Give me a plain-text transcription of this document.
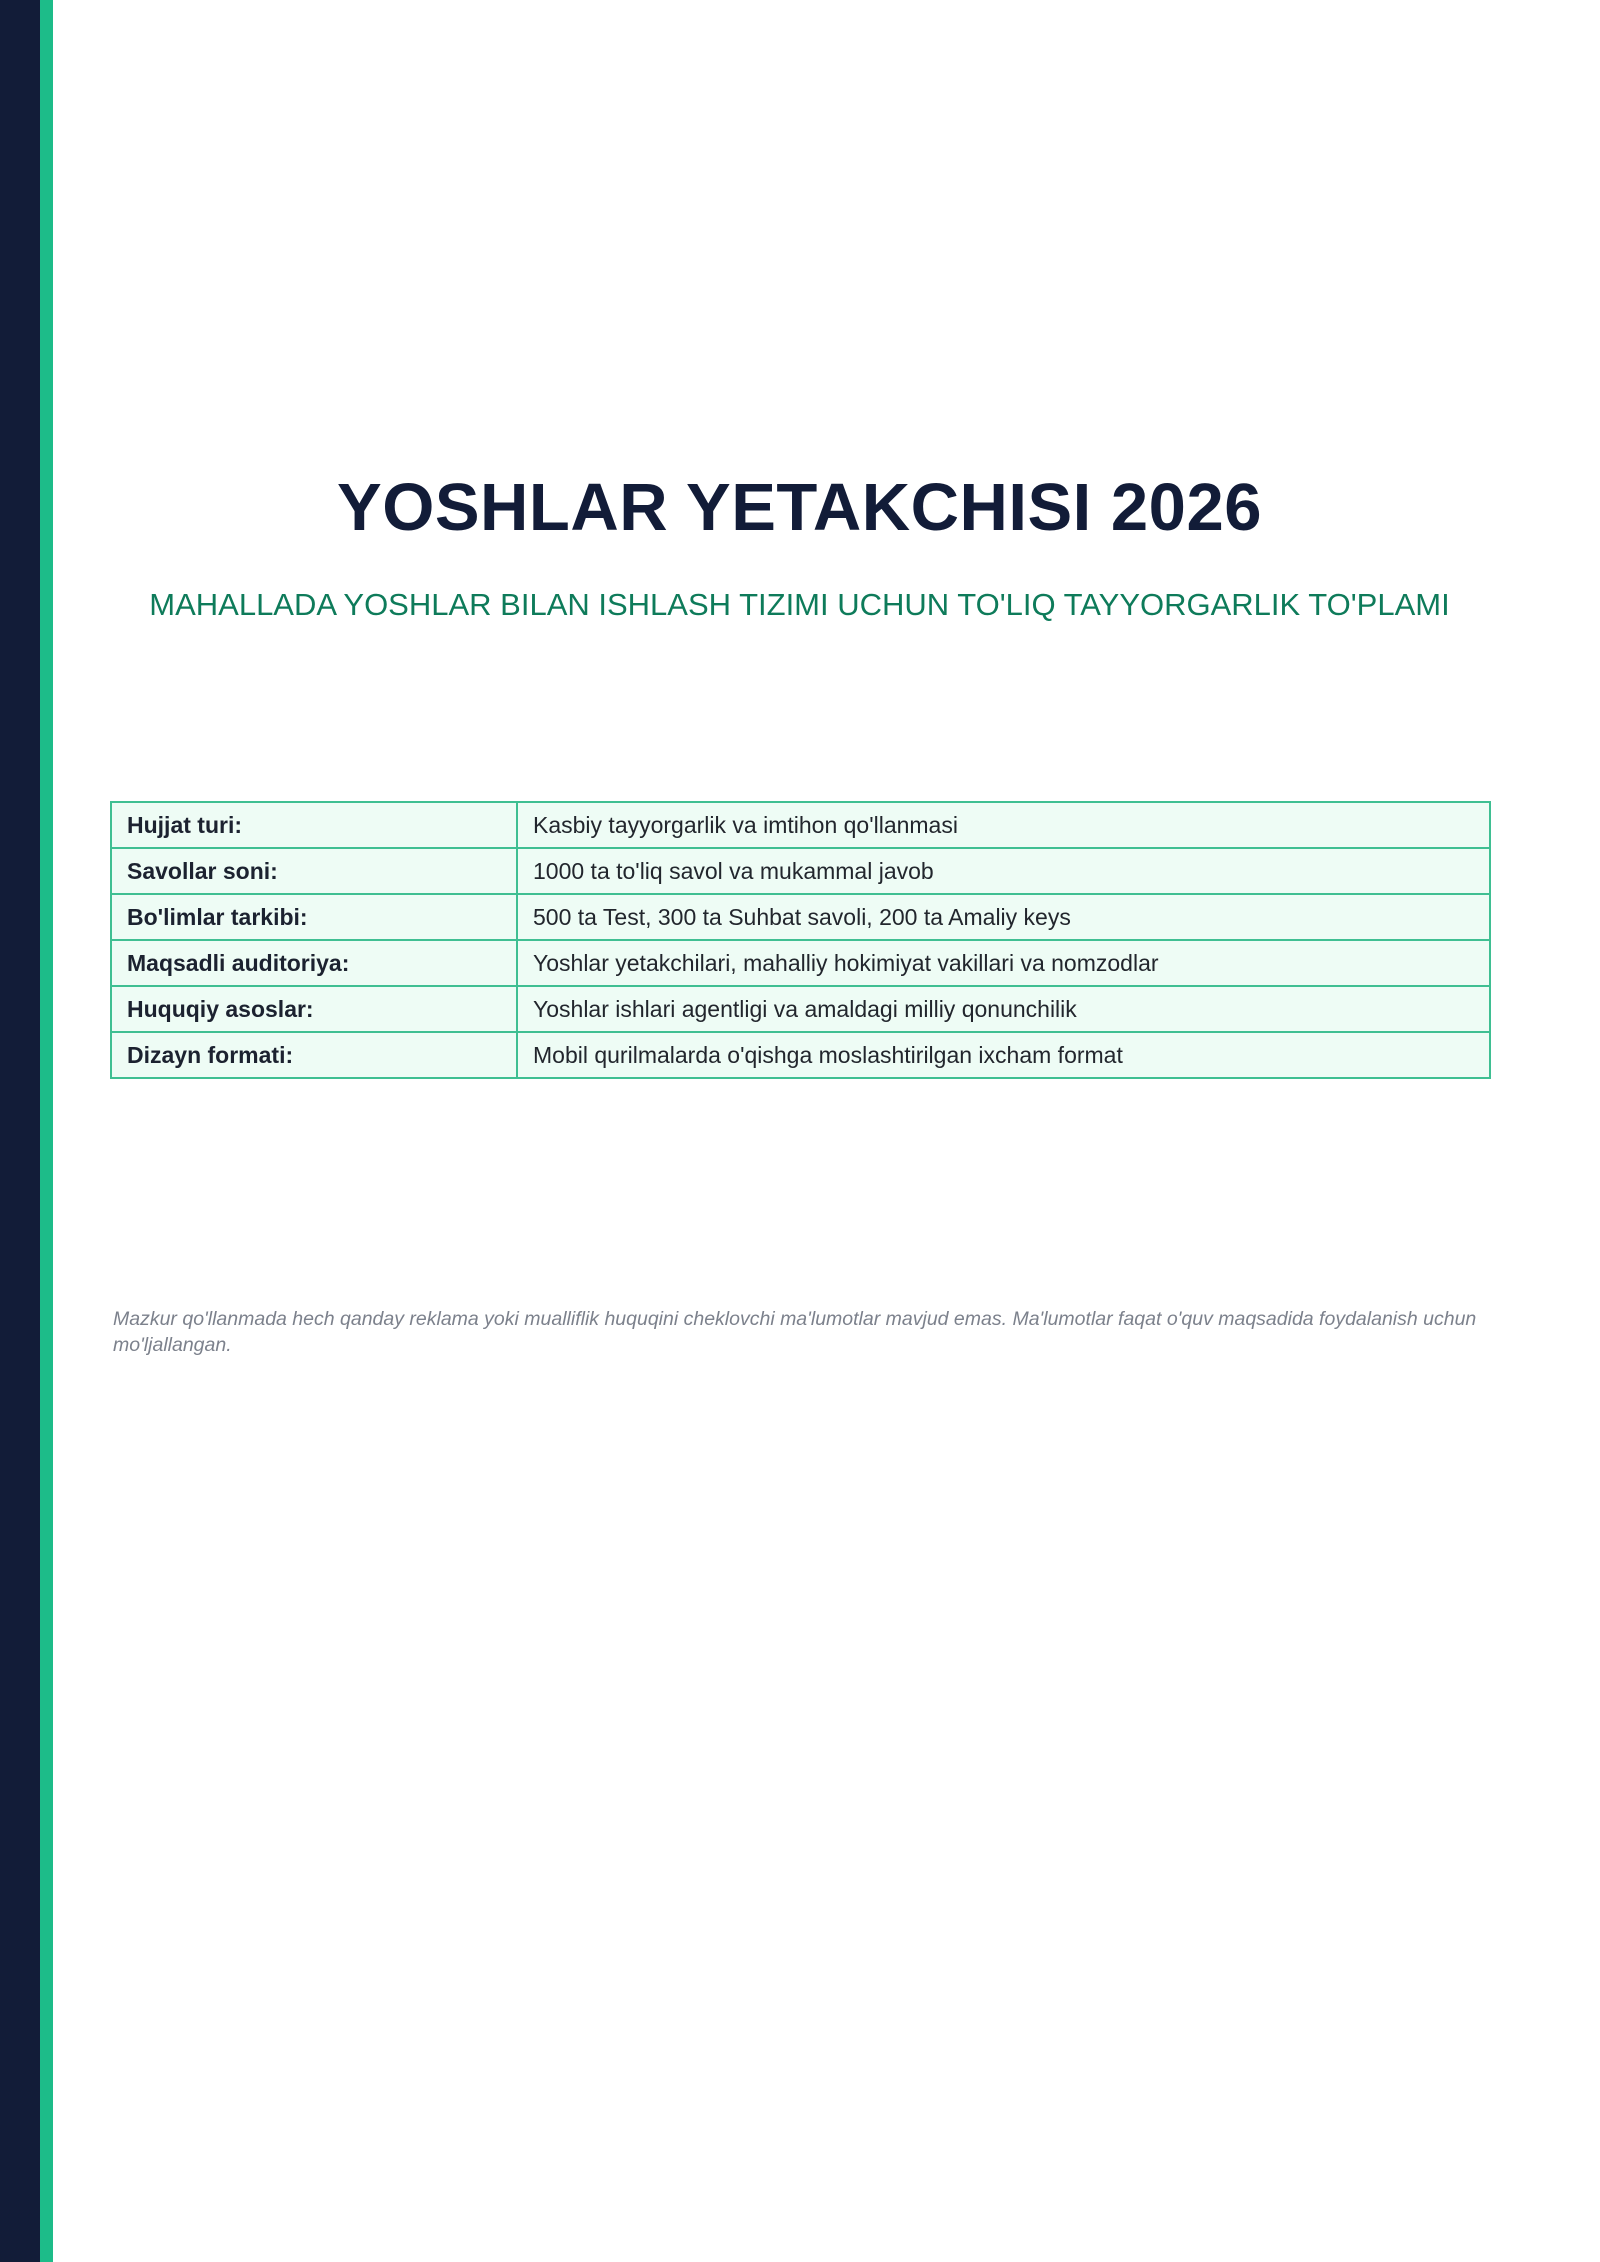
YOSHLAR YETAKCHISI 2026

MAHALLADA YOSHLAR BILAN ISHLASH TIZIMI UCHUN TO'LIQ TAYYORGARLIK TO'PLAMI

Hujjat turi:	Kasbiy tayyorgarlik va imtihon qo'llanmasi
Savollar soni:	1000 ta to'liq savol va mukammal javob
Bo'limlar tarkibi:	500 ta Test, 300 ta Suhbat savoli, 200 ta Amaliy keys
Maqsadli auditoriya:	Yoshlar yetakchilari, mahalliy hokimiyat vakillari va nomzodlar
Huquqiy asoslar:	Yoshlar ishlari agentligi va amaldagi milliy qonunchilik
Dizayn formati:	Mobil qurilmalarda o'qishga moslashtirilgan ixcham format

Mazkur qo'llanmada hech qanday reklama yoki mualliflik huquqini cheklovchi ma'lumotlar mavjud emas. Ma'lumotlar faqat o'quv maqsadida foydalanish uchun mo'ljallangan.
